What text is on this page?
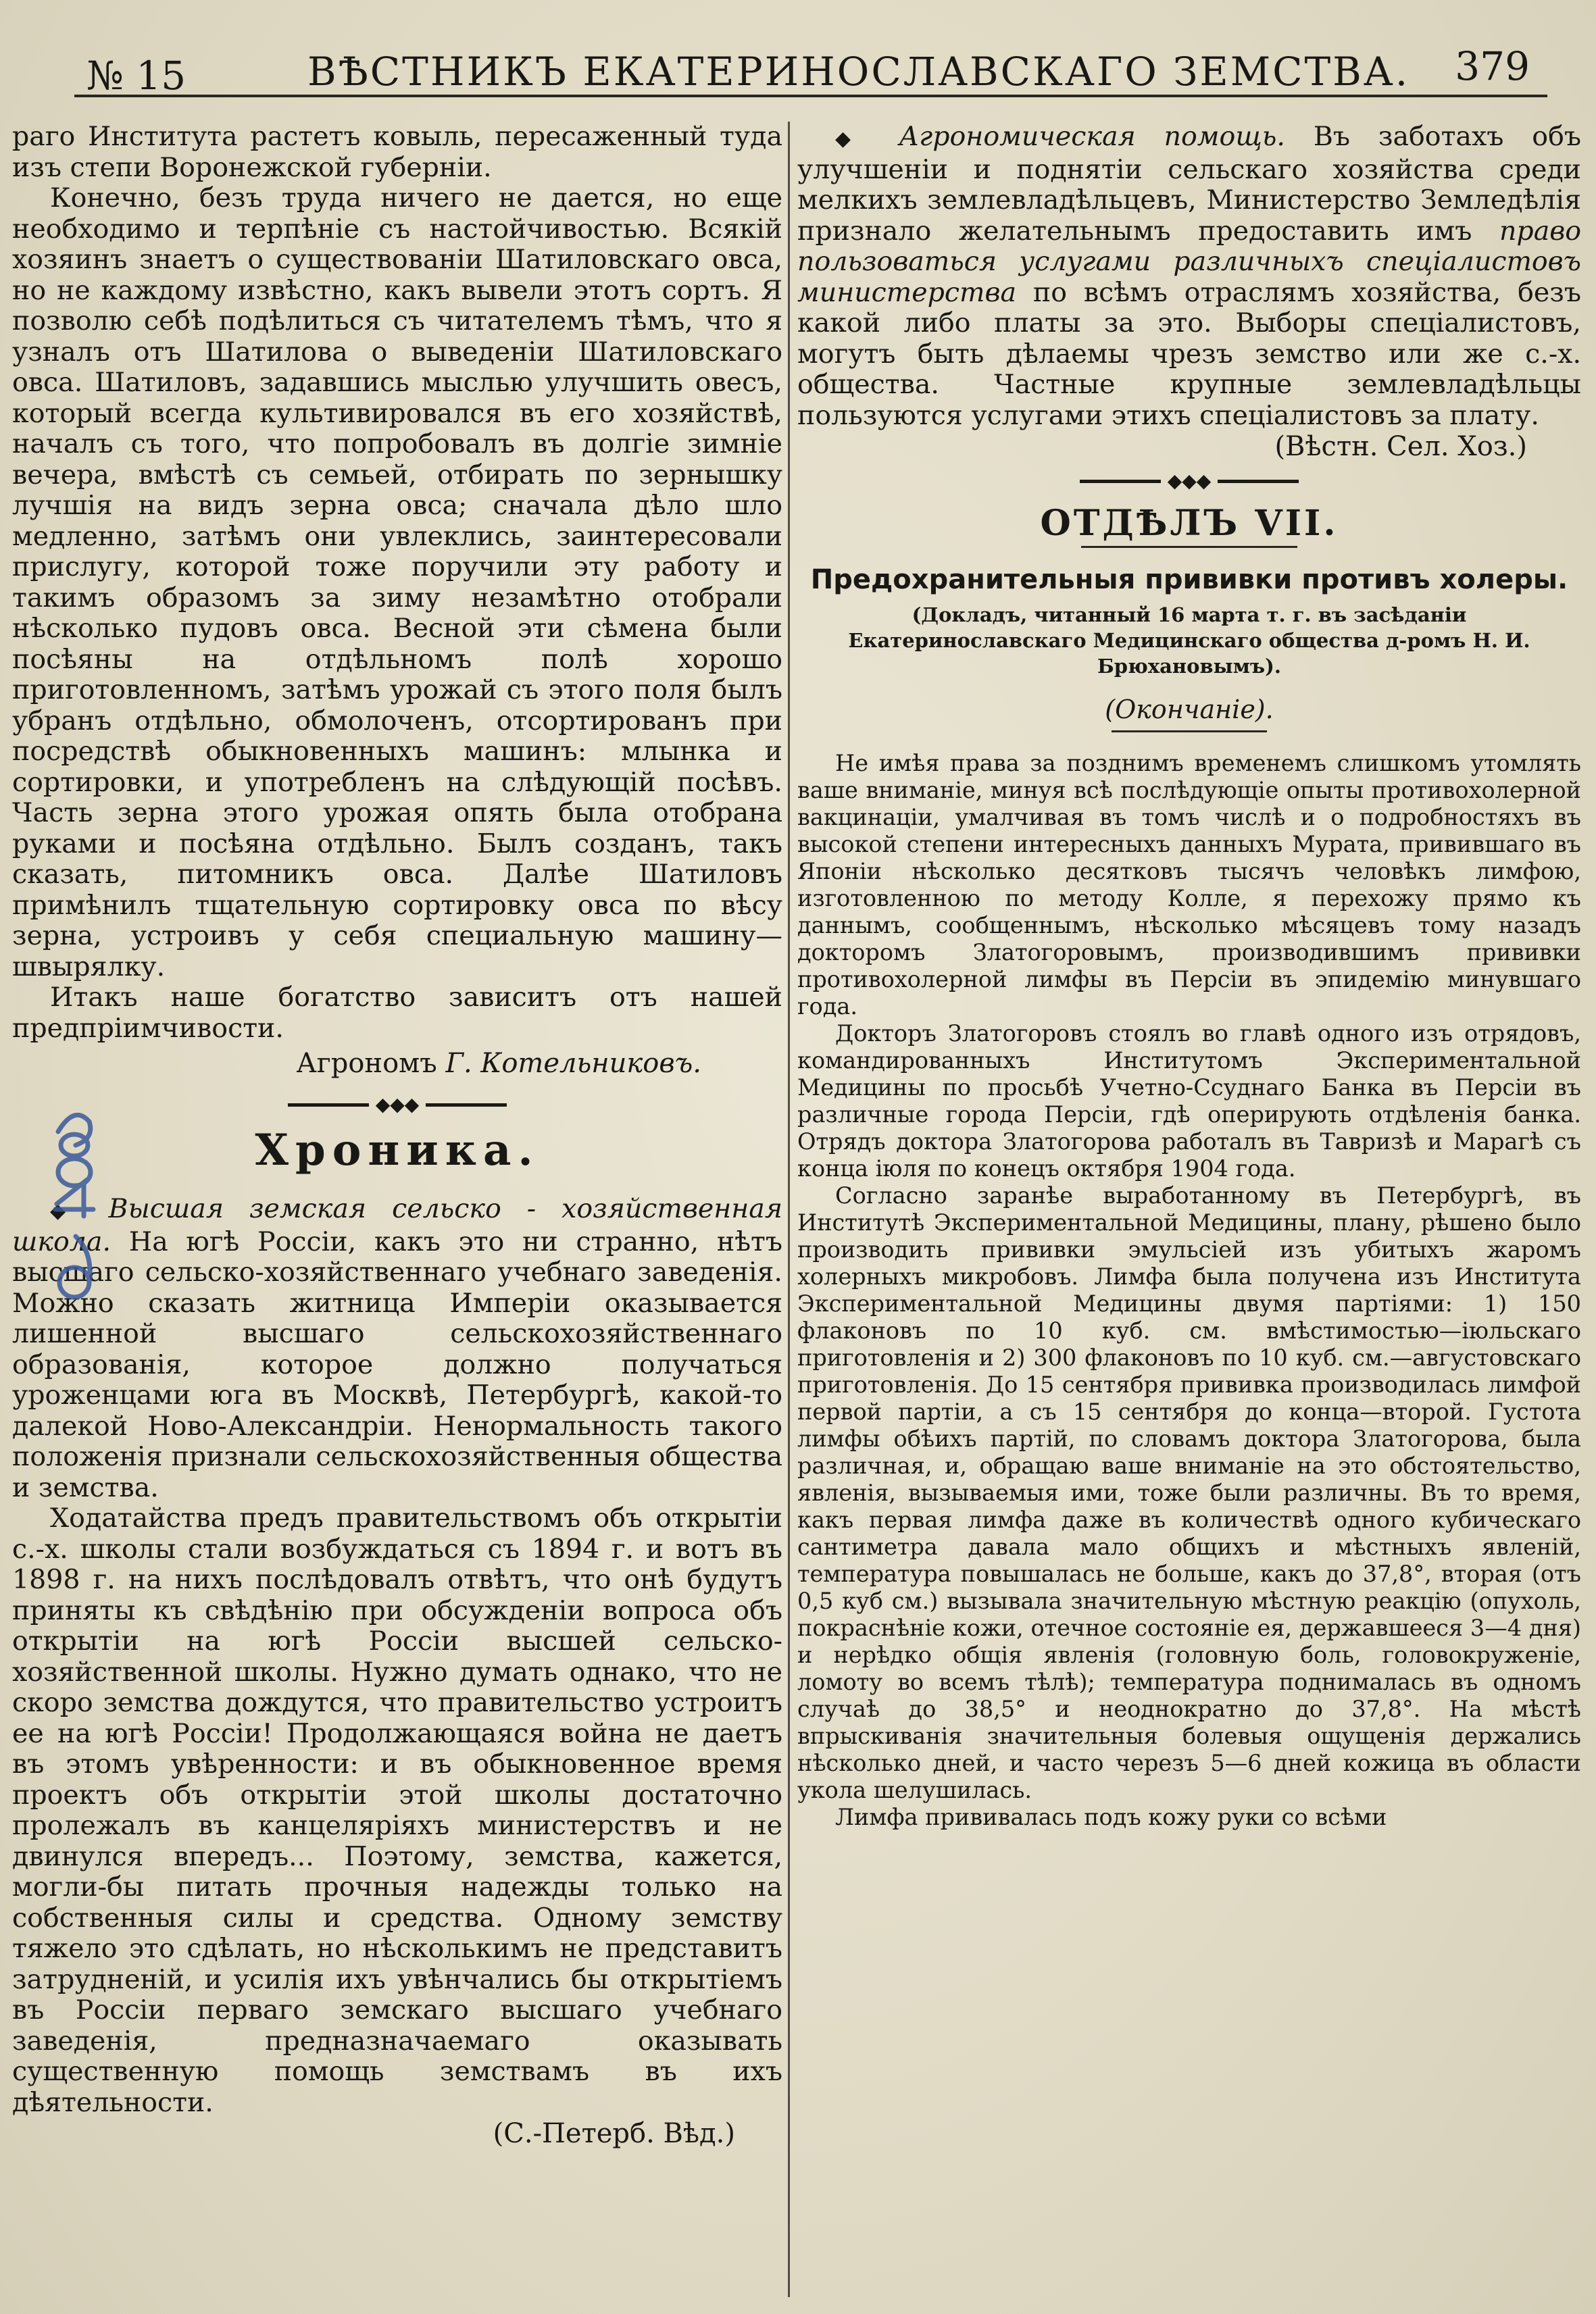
№ 15	ВѢСТНИКЪ ЕКАТЕРИНОСЛАВСКАГО ЗЕМСТВА. 379

раго Института растетъ ковыль, пересаженный туда изъ степи Воронежской губерніи.

Конечно, безъ труда ничего не дается, но еще необходимо и терпѣніе съ настойчивостью. Всякій хозяинъ знаетъ о существованіи Шатиловскаго овса, но не каждому извѣстно, какъ вывели этотъ сортъ. Я позволю себѣ подѣлиться съ читателемъ тѣмъ, что я узналъ отъ Шатилова о выведеніи Шатиловскаго овса. Шатиловъ, задавшись мыслью улучшить овесъ, который всегда культивировался въ его хозяйствѣ, началъ съ того, что попробовалъ въ долгіе зимніе вечера, вмѣстѣ съ семьей, отбирать по зернышку лучшія на видъ зерна овса; сначала дѣло шло медленно, затѣмъ они увлеклись, заинтересовали прислугу, которой тоже поручили эту работу и такимъ образомъ за зиму незамѣтно отобрали нѣсколько пудовъ овса. Весной эти сѣмена были посѣяны на отдѣльномъ полѣ хорошо приготовленномъ, затѣмъ урожай съ этого поля былъ убранъ отдѣльно, обмолоченъ, отсортированъ при посредствѣ обыкновенныхъ машинъ: млынка и сортировки, и употребленъ на слѣдующій посѣвъ. Часть зерна этого урожая опять была отобрана руками и посѣяна отдѣльно. Былъ созданъ, такъ сказать, питомникъ овса. Далѣе Шатиловъ примѣнилъ тщательную сортировку овса по вѣсу зерна, устроивъ у себя специальную машину—швырялку.

Итакъ наше богатство зависитъ отъ нашей предпріимчивости.

Агрономъ Г. Котельниковъ.
◆◆◆
Хроника.

◆ Высшая земская сельско - хозяйственная школа. На югѣ Россіи, какъ это ни странно, нѣтъ высшаго сельско-хозяйственнаго учебнаго заведенія. Можно сказать житница Имперіи оказывается лишенной высшаго сельскохозяйственнаго образованія, которое должно получаться уроженцами юга въ Москвѣ, Петербургѣ, какой-то далекой Ново-Александріи. Ненормальность такого положенія признали сельскохозяйственныя общества и земства.

Ходатайства предъ правительствомъ объ открытіи с.-х. школы стали возбуждаться съ 1894 г. и вотъ въ 1898 г. на нихъ послѣдовалъ отвѣтъ, что онѣ будутъ приняты къ свѣдѣнію при обсужденіи вопроса объ открытіи на югѣ Россіи высшей сельско-хозяйственной школы. Нужно думать однако, что не скоро земства дождутся, что правительство устроитъ ее на югѣ Россіи! Продолжающаяся война не даетъ въ этомъ увѣренности: и въ обыкновенное время проектъ объ открытіи этой школы достаточно пролежалъ въ канцеляріяхъ министерствъ и не двинулся впередъ... Поэтому, земства, кажется, могли-бы питать прочныя надежды только на собственныя силы и средства. Одному земству тяжело это сдѣлать, но нѣсколькимъ не представитъ затрудненій, и усилія ихъ увѣнчались бы открытіемъ въ Россіи перваго земскаго высшаго учебнаго заведенія, предназначаемаго оказывать существенную помощь земствамъ въ ихъ дѣятельности.

(С.-Петерб. Вѣд.)

◆ Агрономическая помощь. Въ заботахъ объ улучшеніи и поднятіи сельскаго хозяйства среди мелкихъ землевладѣльцевъ, Министерство Земледѣлія признало желательнымъ предоставить имъ право пользоваться услугами различныхъ спеціалистовъ министерства по всѣмъ отраслямъ хозяйства, безъ какой либо платы за это. Выборы спеціалистовъ, могутъ быть дѣлаемы чрезъ земство или же с.-х. общества. Частные крупные землевладѣльцы пользуются услугами этихъ спеціалистовъ за плату.

(Вѣстн. Сел. Хоз.)
◆◆◆
ОТДѢЛЪ VII.
Предохранительныя прививки противъ холеры.
(Докладъ, читанный 16 марта т. г. въ засѣданіи Екатеринославскаго Медицинскаго общества д-ромъ Н. И. Брюхановымъ).
(Окончаніе).

Не имѣя права за позднимъ временемъ слишкомъ утомлять ваше вниманіе, минуя всѣ послѣдующіе опыты противохолерной вакцинаціи, умалчивая въ томъ числѣ и о подробностяхъ въ высокой степени интересныхъ данныхъ Мурата, привившаго въ Японіи нѣсколько десятковъ тысячъ человѣкъ лимфою, изготовленною по методу Колле, я перехожу прямо къ даннымъ, сообщеннымъ, нѣсколько мѣсяцевъ тому назадъ докторомъ Златогоровымъ, производившимъ прививки противохолерной лимфы въ Персіи въ эпидемію минувшаго года.

Докторъ Златогоровъ стоялъ во главѣ одного изъ отрядовъ, командированныхъ Институтомъ Экспериментальной Медицины по просьбѣ Учетно-Ссуднаго Банка въ Персіи въ различные города Персіи, гдѣ оперирують отдѣленія банка. Отрядъ доктора Златогорова работалъ въ Тавризѣ и Марагѣ съ конца іюля по конецъ октября 1904 года.

Согласно заранѣе выработанному въ Петербургѣ, въ Институтѣ Экспериментальной Медицины, плану, рѣшено было производить прививки эмульсіей изъ убитыхъ жаромъ холерныхъ микробовъ. Лимфа была получена изъ Института Экспериментальной Медицины двумя партіями: 1) 150 флаконовъ по 10 куб. см. вмѣстимостью—іюльскаго приготовленія и 2) 300 флаконовъ по 10 куб. см.—августовскаго приготовленія. До 15 сентября прививка производилась лимфой первой партіи, а съ 15 сентября до конца—второй. Густота лимфы обѣихъ партій, по словамъ доктора Златогорова, была различная, и, обращаю ваше вниманіе на это обстоятельство, явленія, вызываемыя ими, тоже были различны. Въ то время, какъ первая лимфа даже въ количествѣ одного кубическаго сантиметра давала мало общихъ и мѣстныхъ явленій, температура повышалась не больше, какъ до 37,8°, вторая (отъ 0,5 куб см.) вызывала значительную мѣстную реакцію (опухоль, покраснѣніе кожи, отечное состояніе ея, державшееся 3—4 дня) и нерѣдко общія явленія (головную боль, головокруженіе, ломоту во всемъ тѣлѣ); температура поднималась въ одномъ случаѣ до 38,5° и неоднократно до 37,8°. На мѣстѣ впрыскиванія значительныя болевыя ощущенія держались нѣсколько дней, и часто черезъ 5—6 дней кожица въ области укола шелушилась.

Лимфа прививалась подъ кожу руки со всѣми
